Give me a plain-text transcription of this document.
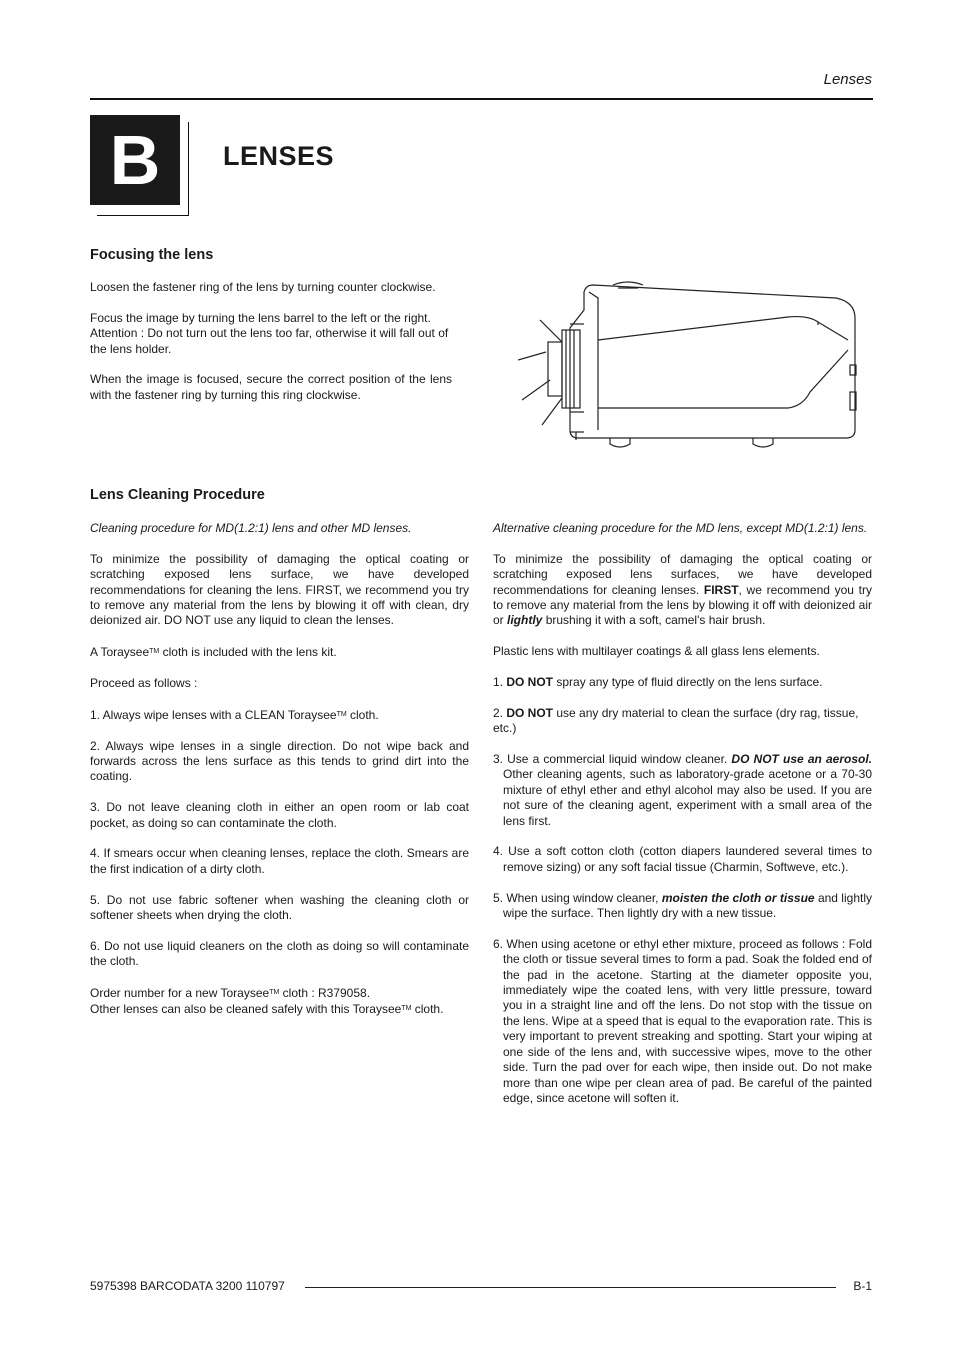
Lenses
B	LENSES
Focusing the lens

Loosen the fastener ring of the lens by turning counter clockwise.

Focus the image by turning the lens barrel to the left or the right. Attention : Do not turn out the lens too far, otherwise it will fall out of the lens holder.

When the image is focused, secure the correct position of the lens with the fastener ring by turning this ring clockwise.

Lens Cleaning Procedure

Cleaning procedure for MD(1.2:1) lens and other MD lenses.

To minimize the possibility of damaging the optical coating or scratching exposed lens surface, we have developed recommendations for cleaning the lens. FIRST, we recommend you try to remove any material from the lens by blowing it off with clean, dry deionized air. DO NOT use any liquid to clean the lenses.

A Toraysee™ cloth is included with the lens kit.

Proceed as follows :

1. Always wipe lenses with a CLEAN Toraysee™ cloth.

2. Always wipe lenses in a single direction. Do not wipe back and forwards across the lens surface as this tends to grind dirt into the coating.

3. Do not leave cleaning cloth in either an open room or lab coat pocket, as doing so can contaminate the cloth.

4. If smears occur when cleaning lenses, replace the cloth. Smears are the first indication of a dirty cloth.

5. Do not use fabric softener when washing the cleaning cloth or softener sheets when drying the cloth.

6. Do not use liquid cleaners on the cloth as doing so will contaminate the cloth.

Order number for a new Toraysee™ cloth : R379058.
Other lenses can also be cleaned safely with this Toraysee™ cloth.

Alternative cleaning procedure for the MD lens, except MD(1.2:1) lens.

To minimize the possibility of damaging the optical coating or scratching exposed lens surfaces, we have developed recommendations for cleaning lenses. FIRST, we recommend you try to remove any material from the lens by blowing it off with deionized air or lightly brushing it with a soft, camel's hair brush.

Plastic lens with multilayer coatings & all glass lens elements.

1. DO NOT spray any type of fluid directly on the lens surface.

2. DO NOT use any dry material to clean the surface (dry rag, tissue, etc.)

3. Use a commercial liquid window cleaner. DO NOT use an aerosol. Other cleaning agents, such as laboratory-grade acetone or a 70-30 mixture of ethyl ether and ethyl alcohol may also be used. If you are not sure of the cleaning agent, experiment with a small area of the lens first.

4. Use a soft cotton cloth (cotton diapers laundered several times to remove sizing) or any soft facial tissue (Charmin, Softweve, etc.).

5. When using window cleaner, moisten the cloth or tissue and lightly wipe the surface. Then lightly dry with a new tissue.

6. When using acetone or ethyl ether mixture, proceed as follows : Fold the cloth or tissue several times to form a pad. Soak the folded end of the pad in the acetone. Starting at the diameter opposite you, immediately wipe the coated lens, with very little pressure, toward you in a straight line and off the lens. Do not stop with the tissue on the lens. Wipe at a speed that is equal to the evaporation rate. This is very important to prevent streaking and spotting. Start your wiping at one side of the lens and, with successive wipes, move to the other side. Turn the pad over for each wipe, then inside out. Do not make more than one wipe per clean area of pad. Be careful of the painted edge, since acetone will soften it.

5975398 BARCODATA 3200 110797	B-1
